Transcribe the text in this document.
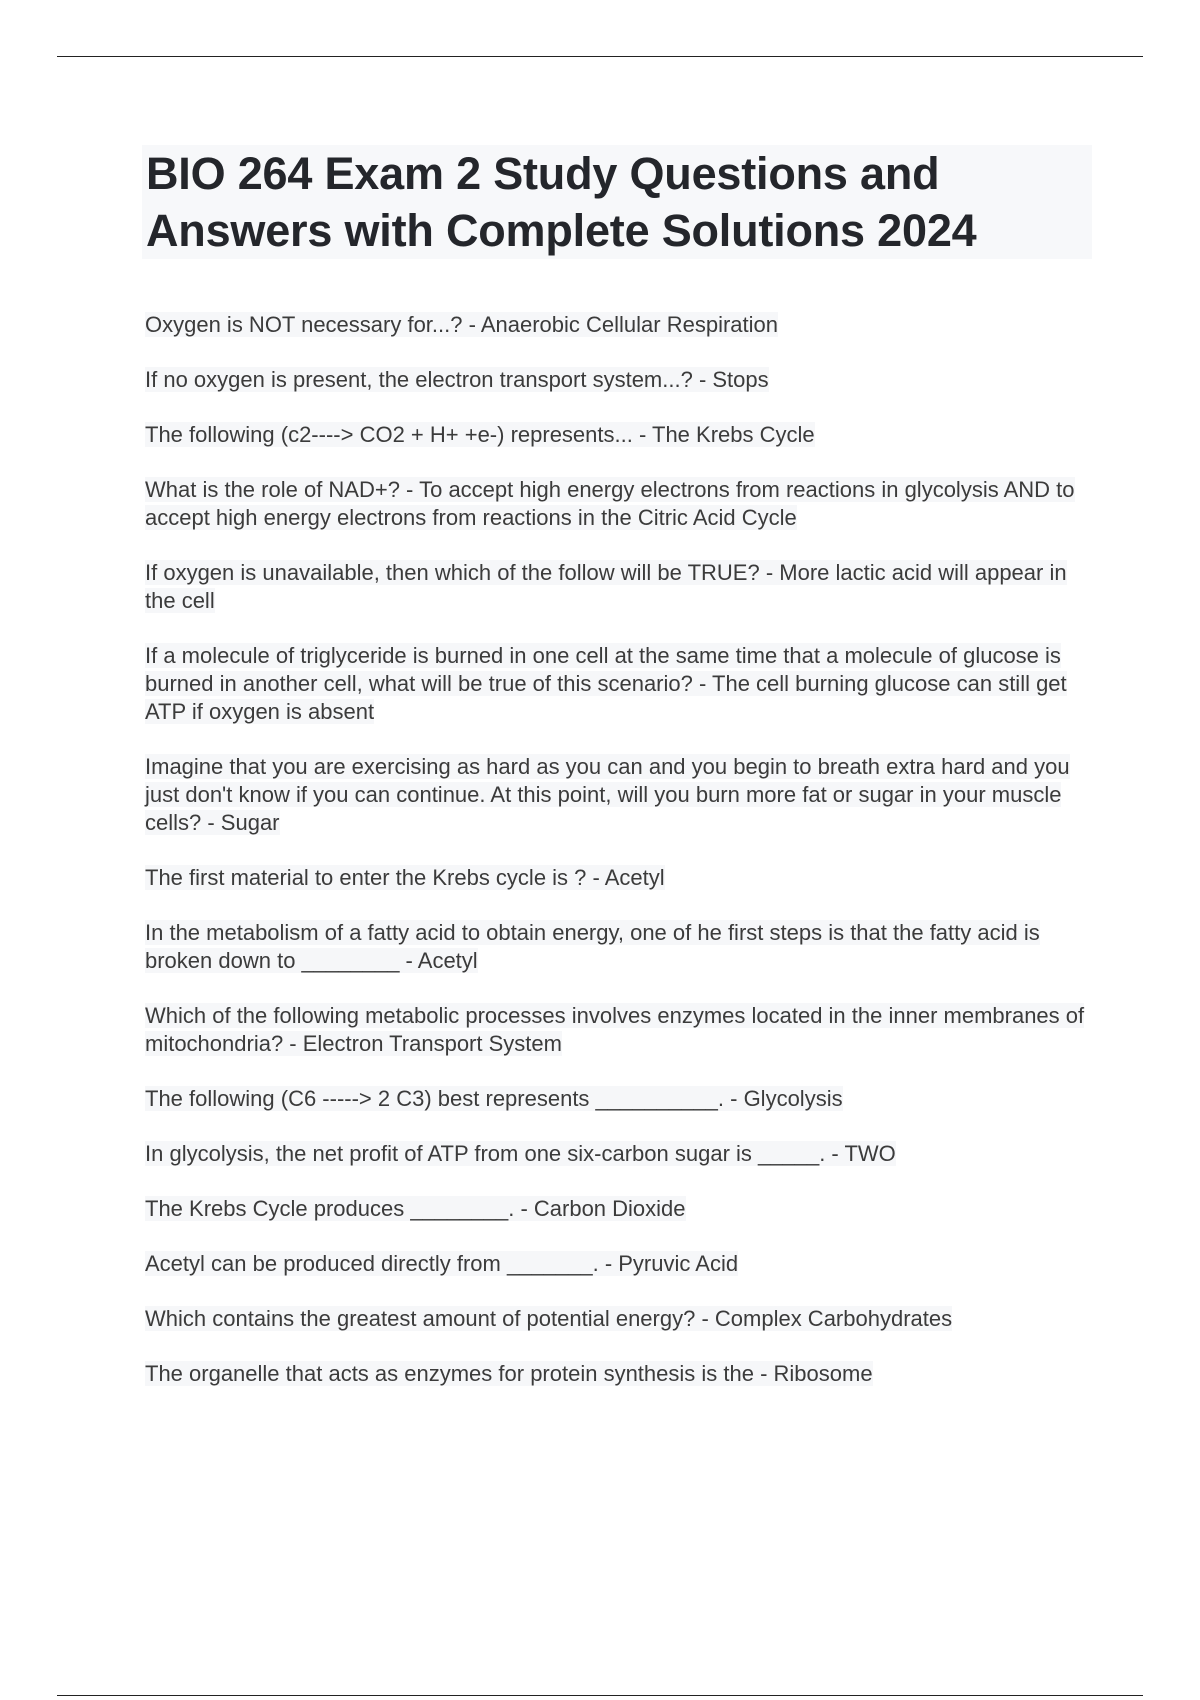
BIO 264 Exam 2 Study Questions and Answers with Complete Solutions 2024
Oxygen is NOT necessary for...? - Anaerobic Cellular Respiration
If no oxygen is present, the electron transport system...? - Stops
The following (c2----> CO2 + H+ +e-) represents... - The Krebs Cycle
What is the role of NAD+? - To accept high energy electrons from reactions in glycolysis AND to accept high energy electrons from reactions in the Citric Acid Cycle
If oxygen is unavailable, then which of the follow will be TRUE? - More lactic acid will appear in the cell
If a molecule of triglyceride is burned in one cell at the same time that a molecule of glucose is burned in another cell, what will be true of this scenario? - The cell burning glucose can still get ATP if oxygen is absent
Imagine that you are exercising as hard as you can and you begin to breath extra hard and you just don't know if you can continue. At this point, will you burn more fat or sugar in your muscle cells? - Sugar
The first material to enter the Krebs cycle is ? - Acetyl
In the metabolism of a fatty acid to obtain energy, one of he first steps is that the fatty acid is broken down to ________ - Acetyl
Which of the following metabolic processes involves enzymes located in the inner membranes of mitochondria? - Electron Transport System
The following (C6 -----> 2 C3) best represents __________. - Glycolysis
In glycolysis, the net profit of ATP from one six-carbon sugar is _____. - TWO
The Krebs Cycle produces ________. - Carbon Dioxide
Acetyl can be produced directly from _______. - Pyruvic Acid
Which contains the greatest amount of potential energy? - Complex Carbohydrates
The organelle that acts as enzymes for protein synthesis is the - Ribosome
